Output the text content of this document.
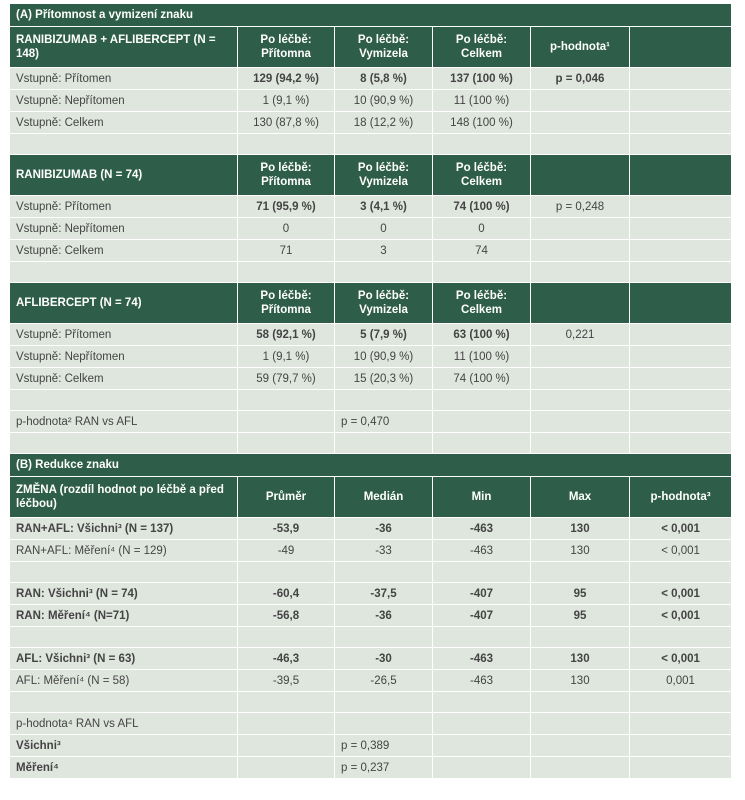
(A) Přítomnost a vymizení znaku					
RANIBIZUMAB + AFLIBERCEPT (N = 148)	Po léčbě: Přítomna	Po léčbě: Vymizela	Po léčbě: Celkem	p-hodnota¹	
Vstupně: Přítomen	129 (94,2 %)	8 (5,8 %)	137 (100 %)	p = 0,046	
Vstupně: Nepřítomen	1 (9,1 %)	10 (90,9 %)	11 (100 %)		
Vstupně: Celkem	130 (87,8 %)	18 (12,2 %)	148 (100 %)		

RANIBIZUMAB (N = 74)	Po léčbě: Přítomna	Po léčbě: Vymizela	Po léčbě: Celkem		
Vstupně: Přítomen	71 (95,9 %)	3 (4,1 %)	74 (100 %)	p = 0,248	
Vstupně: Nepřítomen	0	0	0		
Vstupně: Celkem	71	3	74		

AFLIBERCEPT (N = 74)	Po léčbě: Přítomna	Po léčbě: Vymizela	Po léčbě: Celkem		
Vstupně: Přítomen	58 (92,1 %)	5 (7,9 %)	63 (100 %)	0,221	
Vstupně: Nepřítomen	1 (9,1 %)	10 (90,9 %)	11 (100 %)		
Vstupně: Celkem	59 (79,7 %)	15 (20,3 %)	74 (100 %)		

p-hodnota² RAN vs AFL		p = 0,470			

(B) Redukce znaku					
ZMĚNA (rozdíl hodnot po léčbě a před léčbou)	Průměr	Medián	Min	Max	p-hodnota³
RAN+AFL: Všichni³ (N = 137)	-53,9	-36	-463	130	< 0,001
RAN+AFL: Měření⁴ (N = 129)	-49	-33	-463	130	< 0,001

RAN: Všichni³ (N = 74)	-60,4	-37,5	-407	95	< 0,001
RAN: Měření⁴ (N=71)	-56,8	-36	-407	95	< 0,001

AFL: Všichni³ (N = 63)	-46,3	-30	-463	130	< 0,001
AFL: Měření⁴ (N = 58)	-39,5	-26,5	-463	130	0,001

p-hodnota⁴ RAN vs AFL					
Všichni³		p = 0,389			
Měření⁴		p = 0,237			
